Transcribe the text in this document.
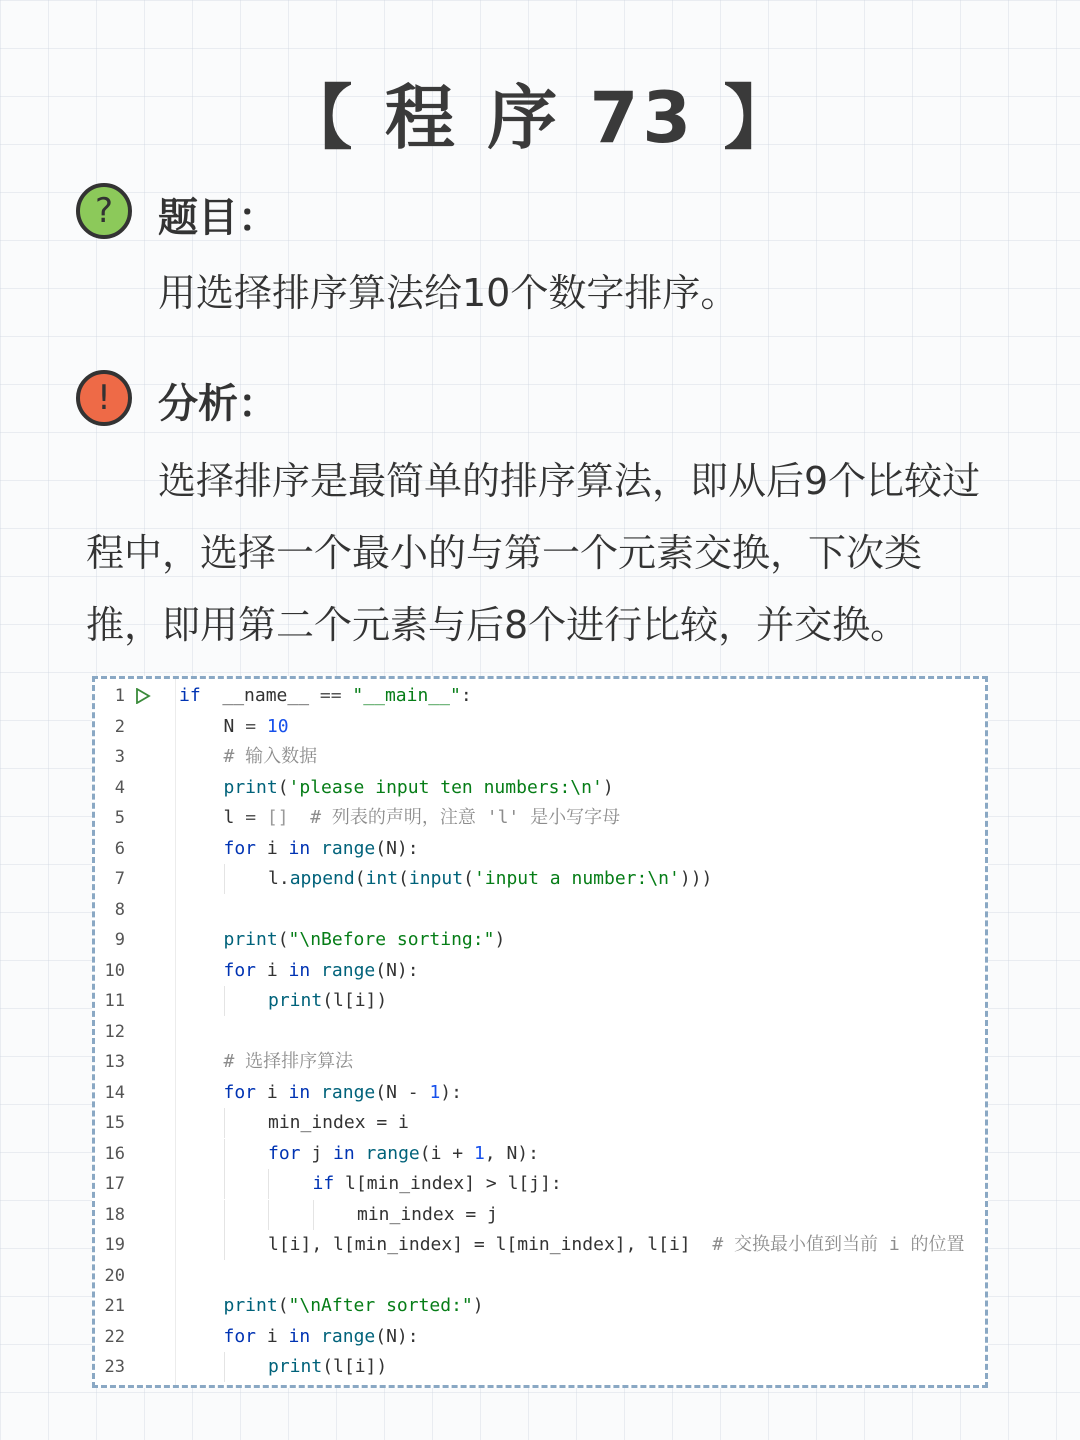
【 程 序 73 】
?	题目：
用选择排序算法给10个数字排序。
!	分析：
选择排序是最简单的排序算法，即从后9个比较过程中，选择一个最小的与第一个元素交换，下次类推，即用第二个元素与后8个进行比较，并交换。
1	if  __name__ == "__main__":
2	N = 10
3	# 输入数据
4	print('please input ten numbers:\n')
5	l = []  # 列表的声明，注意 'l' 是小写字母
6	for i in range(N):
7	l.append(int(input('input a number:\n')))
8
9	print("\nBefore sorting:")
10	for i in range(N):
11	print(l[i])
12
13	# 选择排序算法
14	for i in range(N - 1):
15	min_index = i
16	for j in range(i + 1, N):
17	if l[min_index] > l[j]:
18	min_index = j
19	l[i], l[min_index] = l[min_index], l[i]  # 交换最小值到当前 i 的位置
20
21	print("\nAfter sorted:")
22	for i in range(N):
23	print(l[i])
